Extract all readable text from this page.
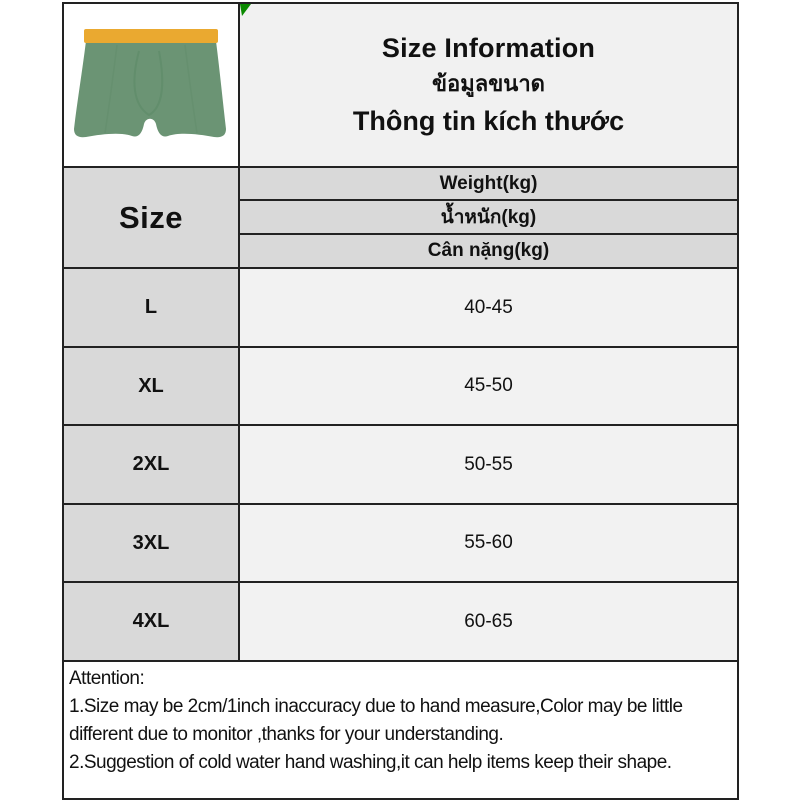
Size Information
ข้อมูลขนาด
Thông tin kích thước

Size	Weight(kg)
	น้ำหนัก(kg)
	Cân nặng(kg)
L	40-45
XL	45-50
2XL	50-55
3XL	55-60
4XL	60-65

Attention:
1.Size may be 2cm/1inch inaccuracy due to hand measure,Color may be little
different due to monitor ,thanks for your understanding.
2.Suggestion of cold water hand washing,it can help items keep their shape.	
